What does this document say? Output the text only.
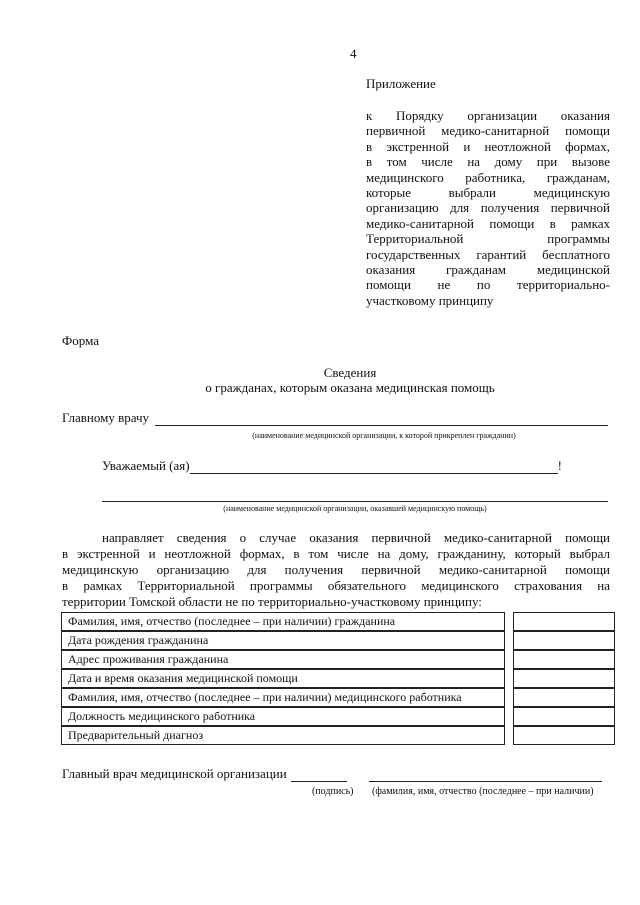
4
Приложение
к Порядку организации оказания
первичной медико-санитарной помощи
в экстренной и неотложной формах,
в том числе на дому при вызове
медицинского работника, гражданам,
которые выбрали медицинскую
организацию для получения первичной
медико-санитарной помощи в рамках
Территориальной программы
государственных гарантий бесплатного
оказания гражданам медицинской
помощи не по территориально-
участковому принципу
Форма
Сведения
о гражданах, которым оказана медицинская помощь
Главному врачу
(наименование медицинской организации, к которой прикреплен гражданин)
Уважаемый (ая)	!
(наименование медицинской организации, оказавшей медицинскую помощь)
направляет сведения о случае оказания первичной медико-санитарной помощи
в экстренной и неотложной формах, в том числе на дому, гражданину, который выбрал
медицинскую организацию для получения первичной медико-санитарной помощи
в рамках Территориальной программы обязательного медицинского страхования на
территории Томской области не по территориально-участковому принципу:
Фамилия, имя, отчество (последнее – при наличии) гражданина		
Дата рождения гражданина		
Адрес проживания гражданина		
Дата и время оказания медицинской помощи		
Фамилия, имя, отчество (последнее – при наличии) медицинского работника		
Должность медицинского работника		
Предварительный диагноз		
Главный врач медицинской организации
(подпись) (фамилия, имя, отчество (последнее – при наличии)
